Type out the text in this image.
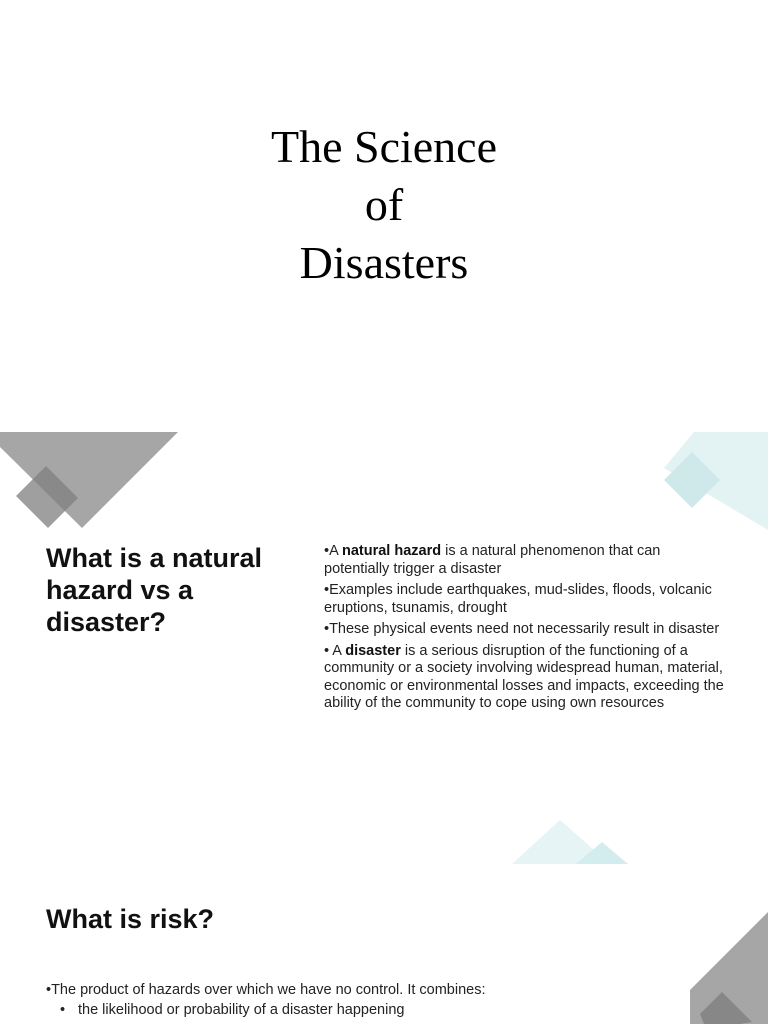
The Science
of
Disasters
What is a natural hazard vs a disaster?

•A natural hazard is a natural phenomenon that can potentially trigger a disaster

•Examples include earthquakes, mud-slides, floods, volcanic eruptions, tsunamis, drought

•These physical events need not necessarily result in disaster

• A disaster is a serious disruption of the functioning of a community or a society involving widespread human, material, economic or environmental losses and impacts, exceeding the ability of the community to cope using own resources

What is risk?
•The product of hazards over which we have no control. It combines:
• the likelihood or probability of a disaster happening
